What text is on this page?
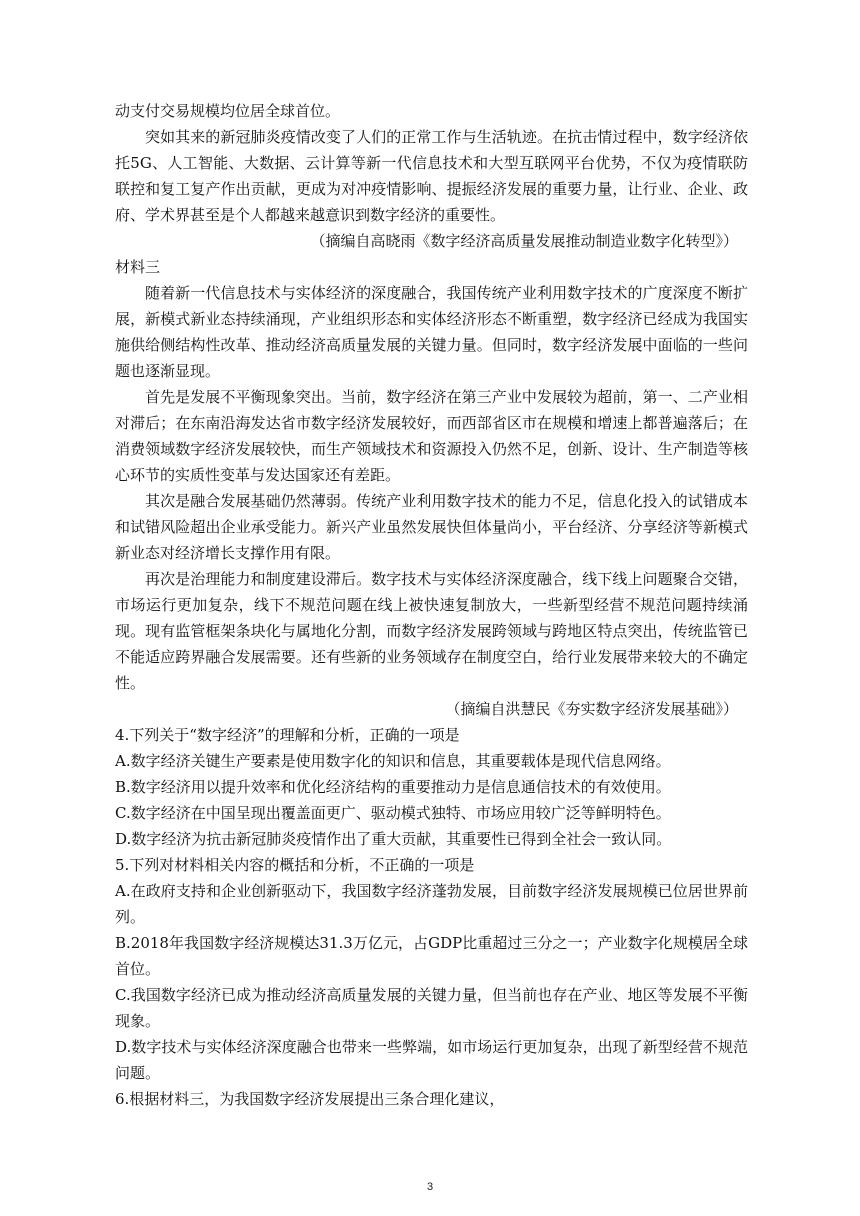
动支付交易规模均位居全球首位。

突如其来的新冠肺炎疫情改变了人们的正常工作与生活轨迹。在抗击情过程中，数字经济依托5G、人工智能、大数据、云计算等新一代信息技术和大型互联网平台优势，不仅为疫情联防联控和复工复产作出贡献，更成为对冲疫情影响、提振经济发展的重要力量，让行业、企业、政府、学术界甚至是个人都越来越意识到数字经济的重要性。

（摘编自高晓雨《数字经济高质量发展推动制造业数字化转型》）

材料三

随着新一代信息技术与实体经济的深度融合，我国传统产业利用数字技术的广度深度不断扩展，新模式新业态持续涌现，产业组织形态和实体经济形态不断重塑，数字经济已经成为我国实施供给侧结构性改革、推动经济高质量发展的关键力量。但同时，数字经济发展中面临的一些问题也逐渐显现。

首先是发展不平衡现象突出。当前，数字经济在第三产业中发展较为超前，第一、二产业相对滞后；在东南沿海发达省市数字经济发展较好，而西部省区市在规模和增速上都普遍落后；在消费领域数字经济发展较快，而生产领域技术和资源投入仍然不足，创新、设计、生产制造等核心环节的实质性变革与发达国家还有差距。

其次是融合发展基础仍然薄弱。传统产业利用数字技术的能力不足，信息化投入的试错成本和试错风险超出企业承受能力。新兴产业虽然发展快但体量尚小，平台经济、分享经济等新模式新业态对经济增长支撑作用有限。

再次是治理能力和制度建设滞后。数字技术与实体经济深度融合，线下线上问题聚合交错，市场运行更加复杂，线下不规范问题在线上被快速复制放大，一些新型经营不规范问题持续涌现。现有监管框架条块化与属地化分割，而数字经济发展跨领域与跨地区特点突出，传统监管已不能适应跨界融合发展需要。还有些新的业务领域存在制度空白，给行业发展带来较大的不确定性。

（摘编自洪慧民《夯实数字经济发展基础》）

4.下列关于“数字经济”的理解和分析，正确的一项是

A.数字经济关键生产要素是使用数字化的知识和信息，其重要载体是现代信息网络。

B.数字经济用以提升效率和优化经济结构的重要推动力是信息通信技术的有效使用。

C.数字经济在中国呈现出覆盖面更广、驱动模式独特、市场应用较广泛等鲜明特色。

D.数字经济为抗击新冠肺炎疫情作出了重大贡献，其重要性已得到全社会一致认同。

5.下列对材料相关内容的概括和分析，不正确的一项是

A.在政府支持和企业创新驱动下，我国数字经济蓬勃发展，目前数字经济发展规模已位居世界前列。

B.2018年我国数字经济规模达31.3万亿元，占GDP比重超过三分之一；产业数字化规模居全球首位。

C.我国数字经济已成为推动经济高质量发展的关键力量，但当前也存在产业、地区等发展不平衡现象。

D.数字技术与实体经济深度融合也带来一些弊端，如市场运行更加复杂，出现了新型经营不规范问题。

6.根据材料三，为我国数字经济发展提出三条合理化建议，

3
